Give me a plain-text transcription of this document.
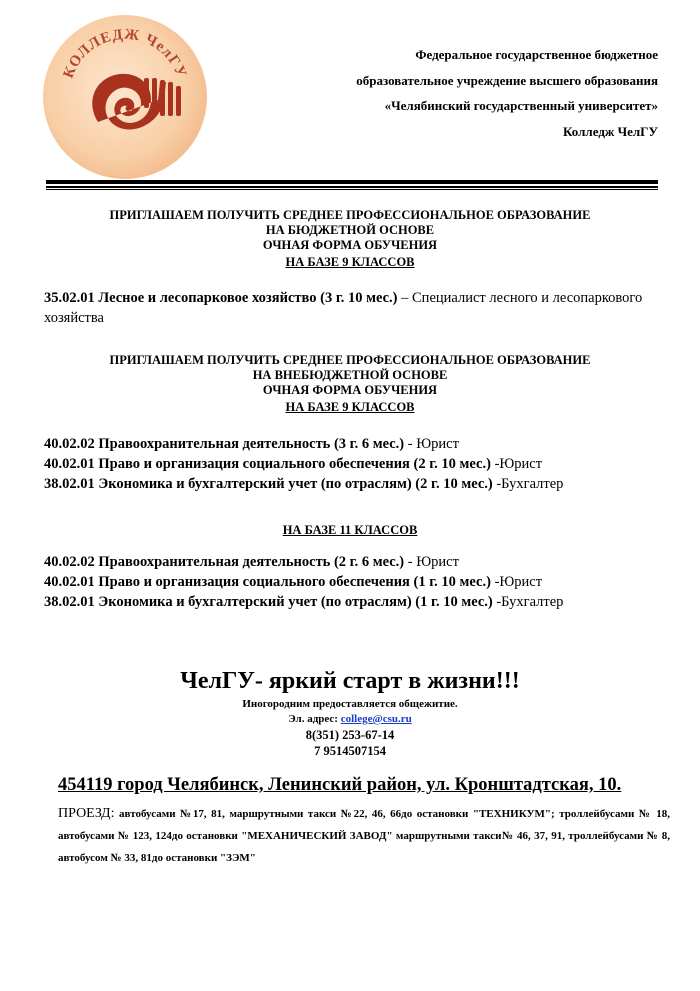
КОЛЛЕДЖ ЧелГУ
Федеральное государственное бюджетное
образовательное учреждение высшего образования
«Челябинский государственный университет»
Колледж ЧелГУ
ПРИГЛАШАЕМ ПОЛУЧИТЬ СРЕДНЕЕ ПРОФЕССИОНАЛЬНОЕ ОБРАЗОВАНИЕ
НА БЮДЖЕТНОЙ ОСНОВЕ
ОЧНАЯ ФОРМА ОБУЧЕНИЯ
НА БАЗЕ 9 КЛАССОВ
35.02.01 Лесное и лесопарковое хозяйство (3 г. 10 мес.) – Специалист лесного и лесопаркового хозяйства
ПРИГЛАШАЕМ ПОЛУЧИТЬ СРЕДНЕЕ ПРОФЕССИОНАЛЬНОЕ ОБРАЗОВАНИЕ
НА ВНЕБЮДЖЕТНОЙ ОСНОВЕ
ОЧНАЯ ФОРМА ОБУЧЕНИЯ
НА БАЗЕ 9 КЛАССОВ
40.02.02 Правоохранительная деятельность (3 г. 6 мес.) - Юрист
40.02.01 Право и организация социального обеспечения (2 г. 10 мес.) -Юрист
38.02.01 Экономика и бухгалтерский учет (по отраслям) (2 г. 10 мес.) -Бухгалтер
НА БАЗЕ 11 КЛАССОВ
40.02.02 Правоохранительная деятельность (2 г. 6 мес.) - Юрист
40.02.01 Право и организация социального обеспечения (1 г. 10 мес.) -Юрист
38.02.01 Экономика и бухгалтерский учет (по отраслям) (1 г. 10 мес.) -Бухгалтер
ЧелГУ- яркий старт в жизни!!!
Иногородним предоставляется общежитие.
Эл. адрес: college@csu.ru
8(351) 253-67-14
7 9514507154
454119 город Челябинск, Ленинский район, ул. Кронштадтская, 10.
ПРОЕЗД: автобусами №17, 81, маршрутными такси №22, 46, 66до остановки "ТЕХНИКУМ"; троллейбусами № 18, автобусами № 123, 124до остановки "МЕХАНИЧЕСКИЙ ЗАВОД" маршрутными такси№ 46, 37, 91, троллейбусами № 8, автобусом № 33, 81до остановки "ЗЭМ"
